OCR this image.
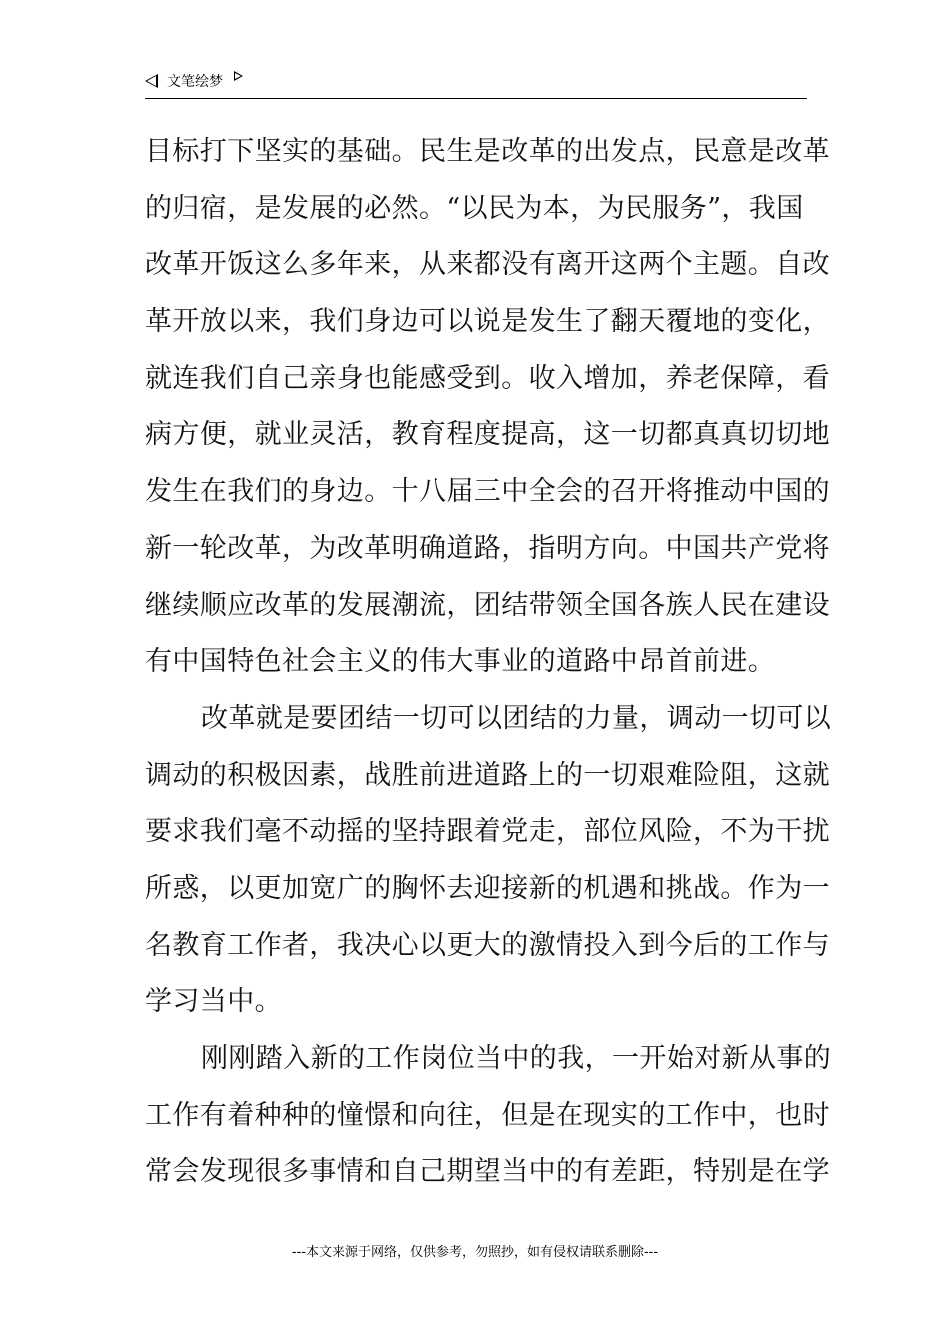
文笔绘梦
目标打下坚实的基础。民生是改革的出发点，民意是改革
的归宿，是发展的必然。“以民为本，为民服务”，我国
改革开饭这么多年来，从来都没有离开这两个主题。自改
革开放以来，我们身边可以说是发生了翻天覆地的变化，
就连我们自己亲身也能感受到。收入增加，养老保障，看
病方便，就业灵活，教育程度提高，这一切都真真切切地
发生在我们的身边。十八届三中全会的召开将推动中国的
新一轮改革，为改革明确道路，指明方向。中国共产党将
继续顺应改革的发展潮流，团结带领全国各族人民在建设
有中国特色社会主义的伟大事业的道路中昂首前进。
改革就是要团结一切可以团结的力量，调动一切可以
调动的积极因素，战胜前进道路上的一切艰难险阻，这就
要求我们毫不动摇的坚持跟着党走，部位风险，不为干扰
所惑，以更加宽广的胸怀去迎接新的机遇和挑战。作为一
名教育工作者，我决心以更大的激情投入到今后的工作与
学习当中。
刚刚踏入新的工作岗位当中的我，一开始对新从事的
工作有着种种的憧憬和向往，但是在现实的工作中，也时
常会发现很多事情和自己期望当中的有差距，特别是在学
---本文来源于网络，仅供参考，勿照抄，如有侵权请联系删除---
